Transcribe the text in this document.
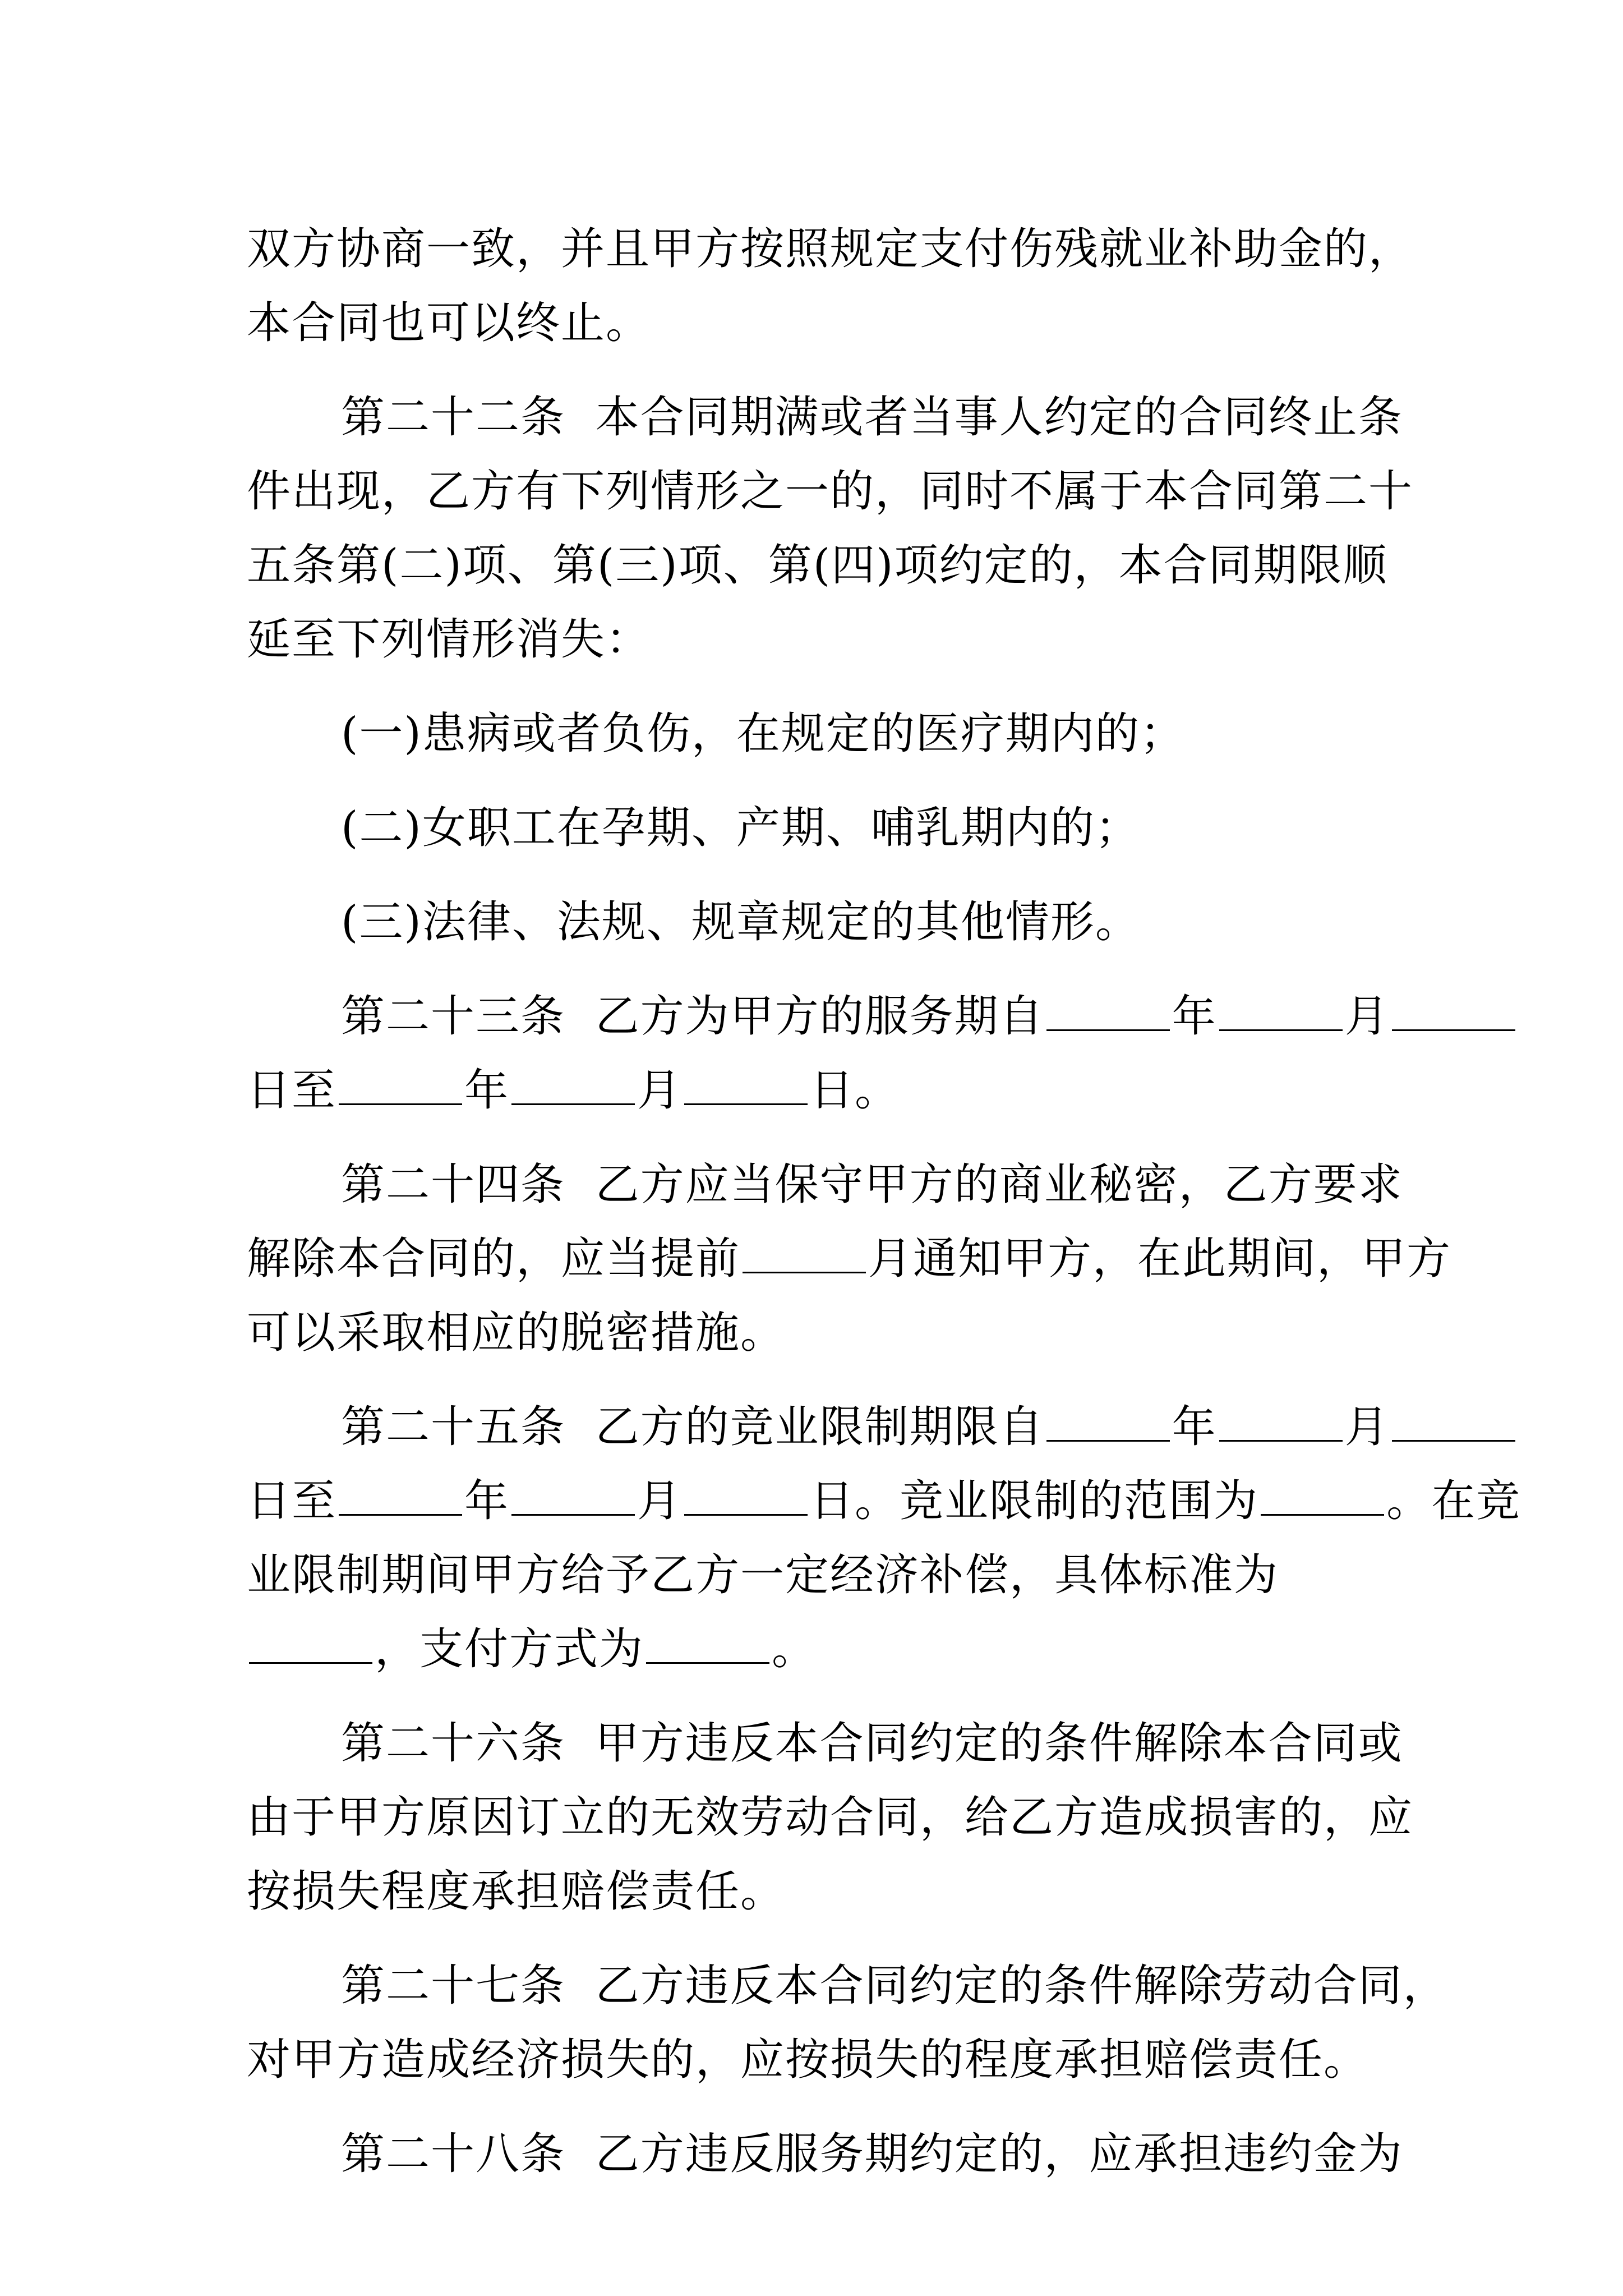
双方协商一致，并且甲方按照规定支付伤残就业补助金的，
本合同也可以终止。
第二十二条  本合同期满或者当事人约定的合同终止条
件出现，乙方有下列情形之一的，同时不属于本合同第二十
五条第(二)项、第(三)项、第(四)项约定的，本合同期限顺
延至下列情形消失：
(一)患病或者负伤，在规定的医疗期内的；
(二)女职工在孕期、产期、哺乳期内的；
(三)法律、法规、规章规定的其他情形。
第二十三条  乙方为甲方的服务期自	年	月
日至	年	月	日。
第二十四条  乙方应当保守甲方的商业秘密，乙方要求
解除本合同的，应当提前	月通知甲方，在此期间，甲方
可以采取相应的脱密措施。
第二十五条  乙方的竞业限制期限自	年	月
日至	年	月	日。竞业限制的范围为	。在竞
业限制期间甲方给予乙方一定经济补偿，具体标准为
，支付方式为	。
第二十六条  甲方违反本合同约定的条件解除本合同或
由于甲方原因订立的无效劳动合同，给乙方造成损害的，应
按损失程度承担赔偿责任。
第二十七条  乙方违反本合同约定的条件解除劳动合同，
对甲方造成经济损失的，应按损失的程度承担赔偿责任。
第二十八条  乙方违反服务期约定的，应承担违约金为
